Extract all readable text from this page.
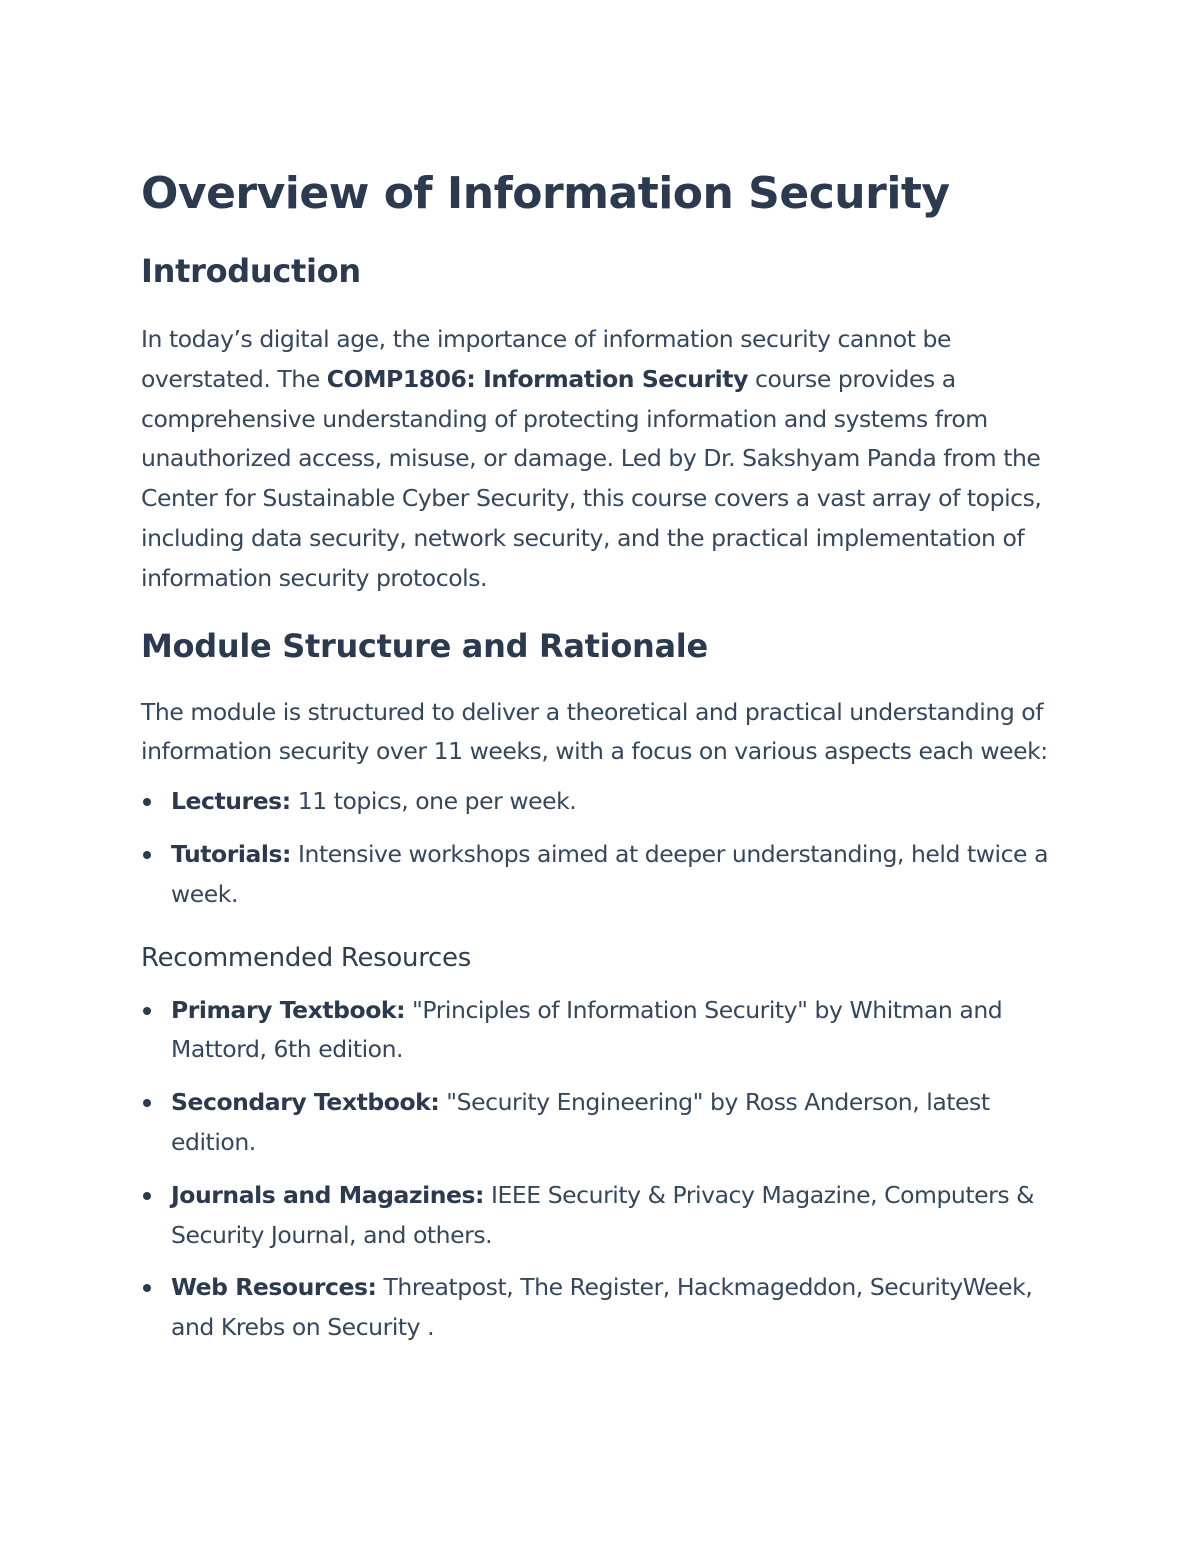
Overview of Information Security
Introduction

In today’s digital age, the importance of information security cannot be overstated. The COMP1806: Information Security course provides a comprehensive understanding of protecting information and systems from unauthorized access, misuse, or damage. Led by Dr. Sakshyam Panda from the Center for Sustainable Cyber Security, this course covers a vast array of topics, including data security, network security, and the practical implementation of information security protocols.

Module Structure and Rationale

The module is structured to deliver a theoretical and practical understanding of information security over 11 weeks, with a focus on various aspects each week:

Lectures: 11 topics, one per week.
Tutorials: Intensive workshops aimed at deeper understanding, held twice a week.
Recommended Resources
Primary Textbook: "Principles of Information Security" by Whitman and Mattord, 6th edition.
Secondary Textbook: "Security Engineering" by Ross Anderson, latest edition.
Journals and Magazines: IEEE Security & Privacy Magazine, Computers & Security Journal, and others.
Web Resources: Threatpost, The Register, Hackmageddon, SecurityWeek, and Krebs on Security .
